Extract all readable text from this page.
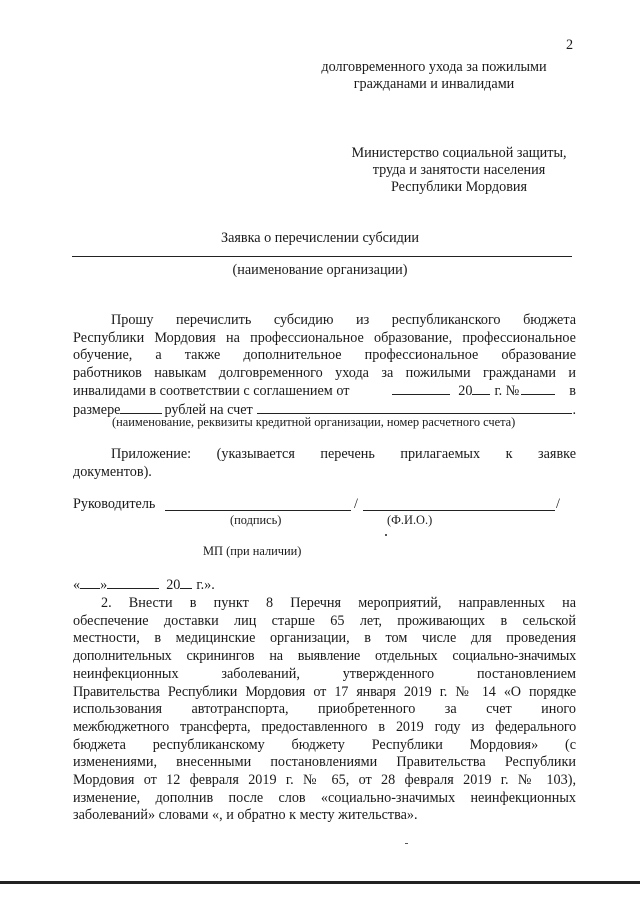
2
долговременного ухода за пожилыми
гражданами и инвалидами
Министерство социальной защиты,
труда и занятости населения
Республики Мордовия
Заявка о перечислении субсидии
(наименование организации)
Прошу перечислить субсидию из республиканского бюджета
Республики Мордовия на профессиональное образование, профессиональное
обучение, а также дополнительное профессиональное образование
работников навыкам долговременного ухода за пожилыми гражданами и
инвалидами в соответствии с соглашением от	20 г. №	в
размере	рублей на счет	.
(наименование, реквизиты кредитной организации, номер расчетного счета)
Приложение: (указывается перечень прилагаемых к заявке
документов).
Руководитель	/	/
(подпись)	(Ф.И.О.)
МП (при наличии)
« »	20 г.».
2. Внести в пункт 8 Перечня мероприятий, направленных на
обеспечение доставки лиц старше 65 лет, проживающих в сельской
местности, в медицинские организации, в том числе для проведения
дополнительных скринингов на выявление отдельных социально-значимых
неинфекционных заболеваний, утвержденного постановлением
Правительства Республики Мордовия от 17 января 2019 г. № 14 «О порядке
использования автотранспорта, приобретенного за счет иного
межбюджетного трансферта, предоставленного в 2019 году из федерального
бюджета республиканскому бюджету Республики Мордовия» (с
изменениями, внесенными постановлениями Правительства Республики
Мордовия от 12 февраля 2019 г. № 65, от 28 февраля 2019 г. № 103),
изменение, дополнив после слов «социально-значимых неинфекционных
заболеваний» словами «, и обратно к месту жительства».
